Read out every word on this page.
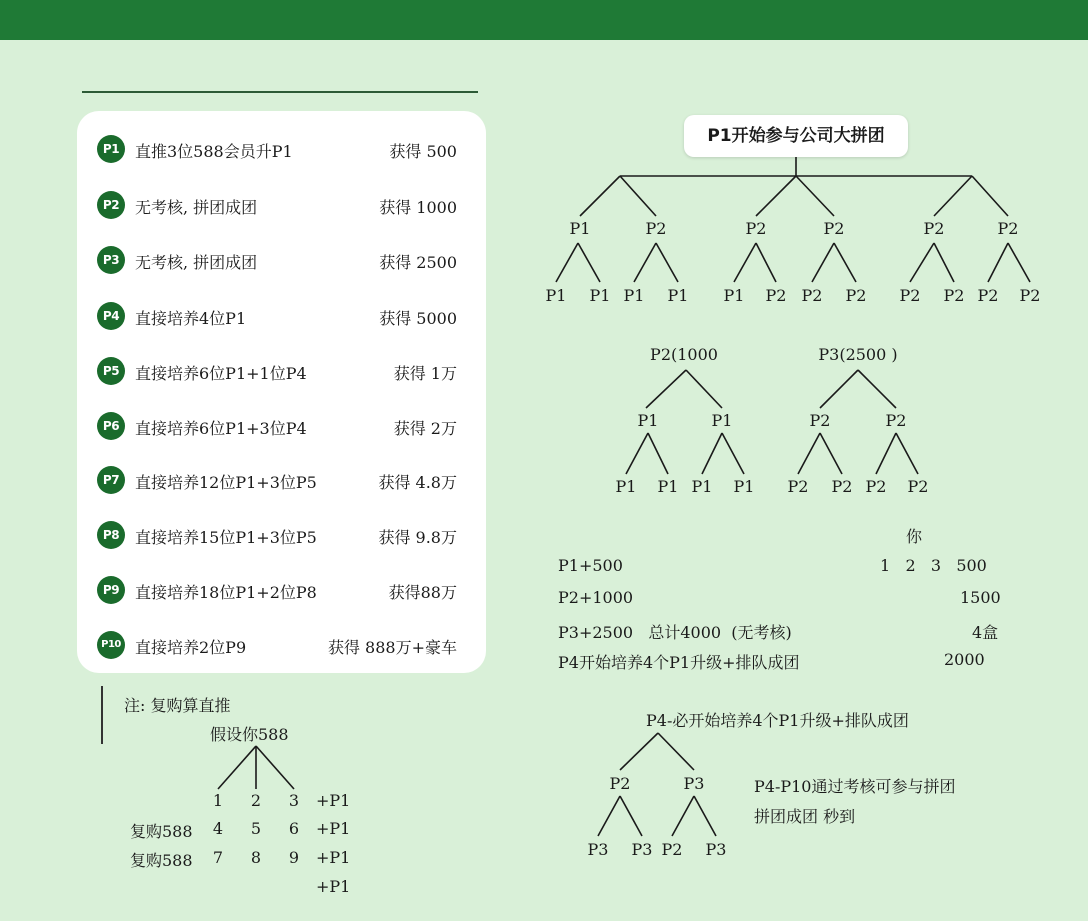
P1 直推3位588会员升P1	获得 500
P2 无考核, 拼团成团	获得 1000
P3 无考核, 拼团成团	获得 2500
P4 直接培养4位P1	获得 5000
P5 直接培养6位P1+1位P4	获得 1万
P6 直接培养6位P1+3位P4	获得 2万
P7 直接培养12位P1+3位P5	获得 4.8万
P8 直接培养15位P1+3位P5	获得 9.8万
P9 直接培养18位P1+2位P8	获得88万
P10 直接培养2位P9	获得 888万+豪车
P1开始参与公司大拼团
P1	P2	P2	P2	P2	P2
P1 P1 P1 P1 P1 P2 P2 P2 P2 P2 P2 P2
P2(1000	P3(2500 )
P1	P1	P2	P2
P1 P1 P1 P1 P2 P2 P2 P2
你
P1+500	1   2   3   500
P2+1000	1500
P3+2500   总计4000  (无考核)	4盒
P4开始培养4个P1升级+排队成团	2000
P4-必开始培养4个P1升级+排队成团
P2	P3
P3 P3 P2 P3
P4-P10通过考核可参与拼团
拼团成团 秒到
注: 复购算直推
假设你588
1 2 3 +P1
复购588 4 5 6 +P1
复购588 7 8 9 +P1
+P1
